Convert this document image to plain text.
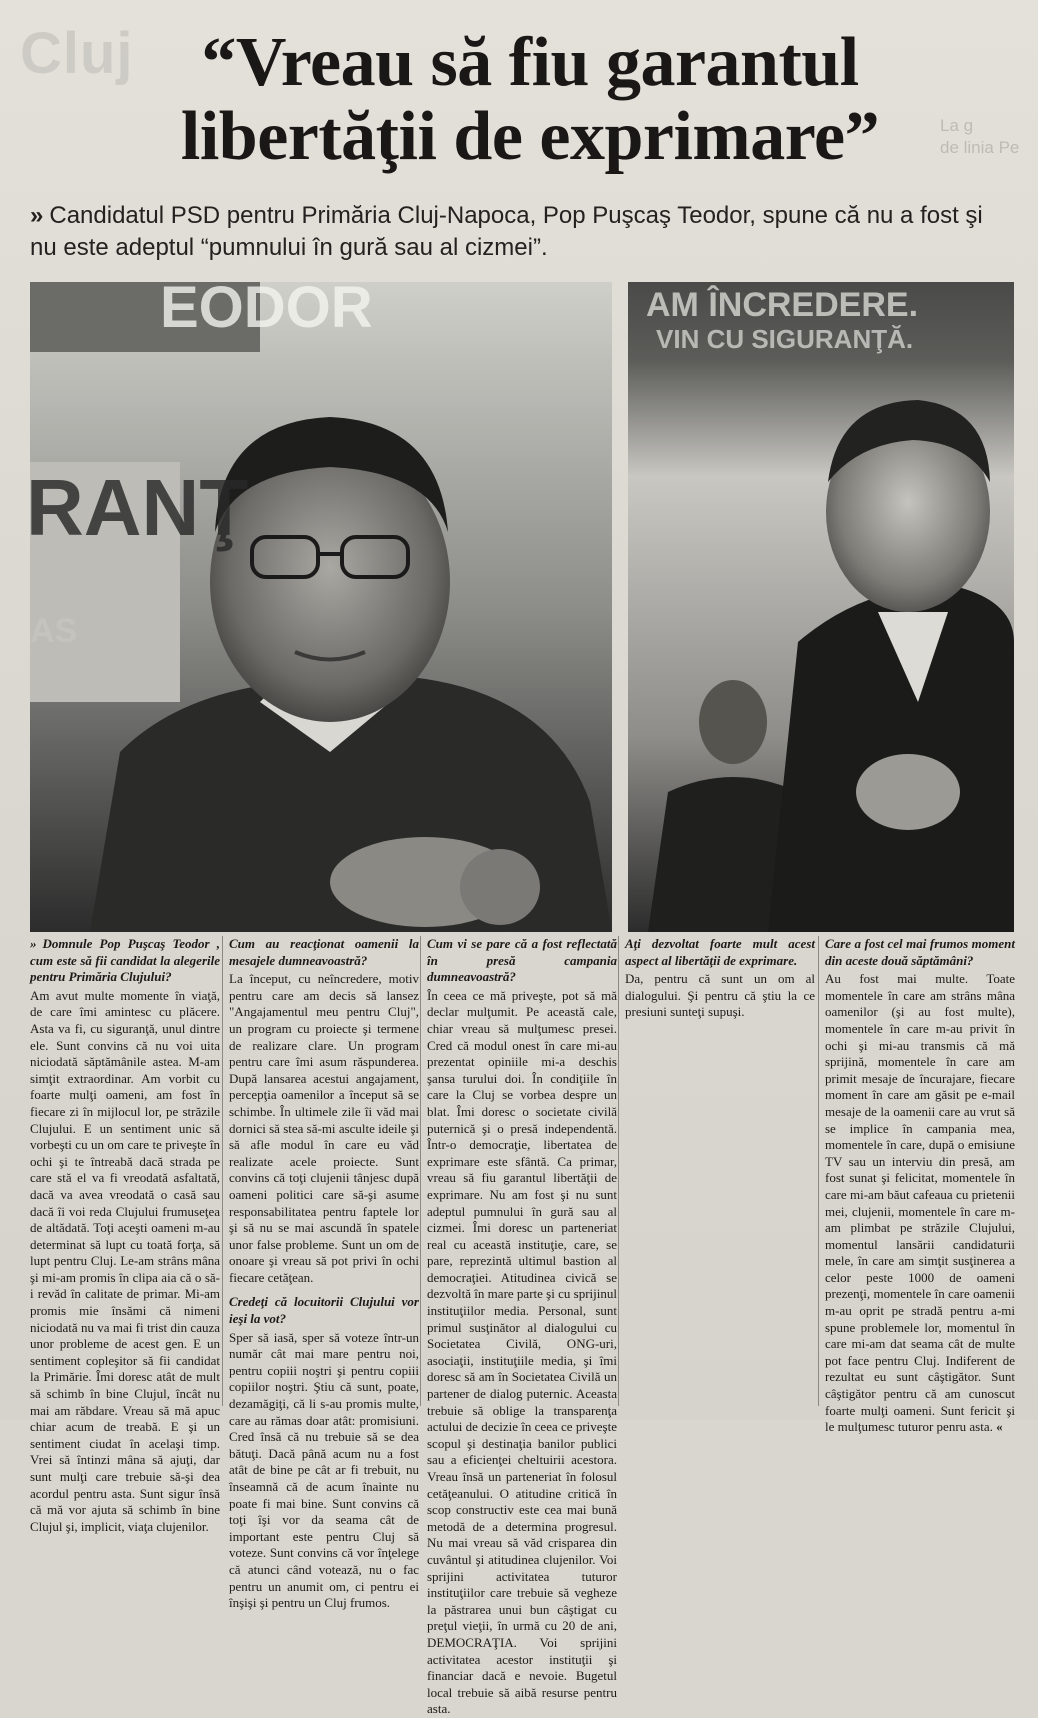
Cluj
La g
de linia Pe
“Vreau să fiu garantul libertăţii de exprimare”
» Candidatul PSD pentru Primăria Cluj-Napoca, Pop Puşcaş Teodor, spune că nu a fost şi nu este adeptul “pumnului în gură sau al cizmei”.
EODOR
RANŢ
AS
AM ÎNCREDERE.
VIN CU SIGURANŢĂ.

» Domnule Pop Puşcaş Teodor , cum este să fii candidat la alegerile pentru Primăria Clujului?

Am avut multe momente în viaţă, de care îmi amintesc cu plăcere. Asta va fi, cu siguranţă, unul dintre ele. Sunt convins că nu voi uita niciodată săptămânile astea. M-am simţit extraordinar. Am vorbit cu foarte mulţi oameni, am fost în fiecare zi în mijlocul lor, pe străzile Clujului. E un sentiment unic să vorbeşti cu un om care te priveşte în ochi şi te întreabă dacă strada pe care stă el va fi vreodată asfaltată, dacă va avea vreodată o casă sau dacă îi voi reda Clujului frumuseţea de altădată. Toţi aceşti oameni m-au determinat să lupt cu toată forţa, să lupt pentru Cluj. Le-am strâns mâna şi mi-am promis în clipa aia că o să-i revăd în calitate de primar. Mi-am promis mie însămi că nimeni niciodată nu va mai fi trist din cauza unor probleme de acest gen. E un sentiment copleşitor să fii candidat la Primărie. Îmi doresc atât de mult să schimb în bine Clujul, încât nu mai am răbdare. Vreau să mă apuc chiar acum de treabă. E şi un sentiment ciudat în acelaşi timp. Vrei să întinzi mâna să ajuţi, dar sunt mulţi care trebuie să-şi dea acordul pentru asta. Sunt sigur însă că mă vor ajuta să schimb în bine Clujul şi, implicit, viaţa clujenilor.

Cum au reacţionat oamenii la mesajele dumneavoastră?

La început, cu neîncredere, motiv pentru care am decis să lansez "Angajamentul meu pentru Cluj", un program cu proiecte şi termene de realizare clare. Un program pentru care îmi asum răspunderea. După lansarea acestui angajament, percepţia oamenilor a început să se schimbe. În ultimele zile îi văd mai dornici să stea să-mi asculte ideile şi să afle modul în care eu văd realizate acele proiecte. Sunt convins că toţi clujenii tânjesc după oameni politici care să-şi asume responsabilitatea pentru faptele lor şi să nu se mai ascundă în spatele unor false probleme. Sunt un om de onoare şi vreau să pot privi în ochi fiecare cetăţean.

Credeţi că locuitorii Clujului vor ieşi la vot?

Sper să iasă, sper să voteze într-un număr cât mai mare pentru noi, pentru copiii noştri şi pentru copiii copiilor noştri. Ştiu că sunt, poate, dezamăgiţi, că li s-au promis multe, care au rămas doar atât: promisiuni. Cred însă că nu trebuie să se dea bătuţi. Dacă până acum nu a fost atât de bine pe cât ar fi trebuit, nu înseamnă că de acum înainte nu poate fi mai bine. Sunt convins că toţi îşi vor da seama cât de important este pentru Cluj să voteze. Sunt convins că vor înţelege că atunci când votează, nu o fac pentru un anumit om, ci pentru ei înşişi şi pentru un Cluj frumos.

Cum vi se pare că a fost reflectată în presă campania dumneavoastră?

În ceea ce mă priveşte, pot să mă declar mulţumit. Pe această cale, chiar vreau să mulţumesc presei. Cred că modul onest în care mi-au prezentat opiniile mi-a deschis şansa turului doi. În condiţiile în care la Cluj se vorbea despre un blat. Îmi doresc o societate civilă puternică şi o presă independentă. Într-o democraţie, libertatea de exprimare este sfântă. Ca primar, vreau să fiu garantul libertăţii de exprimare. Nu am fost şi nu sunt adeptul pumnului în gură sau al cizmei. Îmi doresc un parteneriat real cu această instituţie, care, se pare, reprezintă ultimul bastion al democraţiei. Atitudinea civică se dezvoltă în mare parte şi cu sprijinul instituţiilor media. Personal, sunt primul susţinător al dialogului cu Societatea Civilă, ONG-uri, asociaţii, instituţiile media, şi îmi doresc să am în Societatea Civilă un partener de dialog puternic. Aceasta trebuie să oblige la transparenţa actului de decizie în ceea ce priveşte scopul şi destinaţia banilor publici sau a eficienţei cheltuirii acestora. Vreau însă un parteneriat în folosul cetăţeanului. O atitudine critică în scop constructiv este cea mai bună metodă de a determina progresul. Nu mai vreau să văd crisparea din cuvântul şi atitudinea clujenilor. Voi sprijini activitatea tuturor instituţiilor care trebuie să vegheze la păstrarea unui bun câştigat cu preţul vieţii, în urmă cu 20 de ani, DEMOCRAŢIA. Voi sprijini activitatea acestor instituţii şi financiar dacă e nevoie. Bugetul local trebuie să aibă resurse pentru asta.

Aţi dezvoltat foarte mult acest aspect al libertăţii de exprimare.

Da, pentru că sunt un om al dialogului. Şi pentru că ştiu la ce presiuni sunteţi supuşi.

Care a fost cel mai frumos moment din aceste două săptămâni?

Au fost mai multe. Toate momentele în care am strâns mâna oamenilor (şi au fost multe), momentele în care m-au privit în ochi şi mi-au transmis că mă sprijină, momentele în care am primit mesaje de încurajare, fiecare moment în care am găsit pe e-mail mesaje de la oamenii care au vrut să se implice în campania mea, momentele în care, după o emisiune TV sau un interviu din presă, am fost sunat şi felicitat, momentele în care mi-am băut cafeaua cu prietenii mei, clujenii, momentele în care m-am plimbat pe străzile Clujului, momentul lansării candidaturii mele, în care am simţit susţinerea a celor peste 1000 de oameni prezenţi, momentele în care oamenii m-au oprit pe stradă pentru a-mi spune problemele lor, momentul în care mi-am dat seama cât de multe pot face pentru Cluj. Indiferent de rezultat eu sunt câştigător. Sunt câştigător pentru că am cunoscut foarte mulţi oameni. Sunt fericit şi le mulţumesc tuturor penru asta. «
